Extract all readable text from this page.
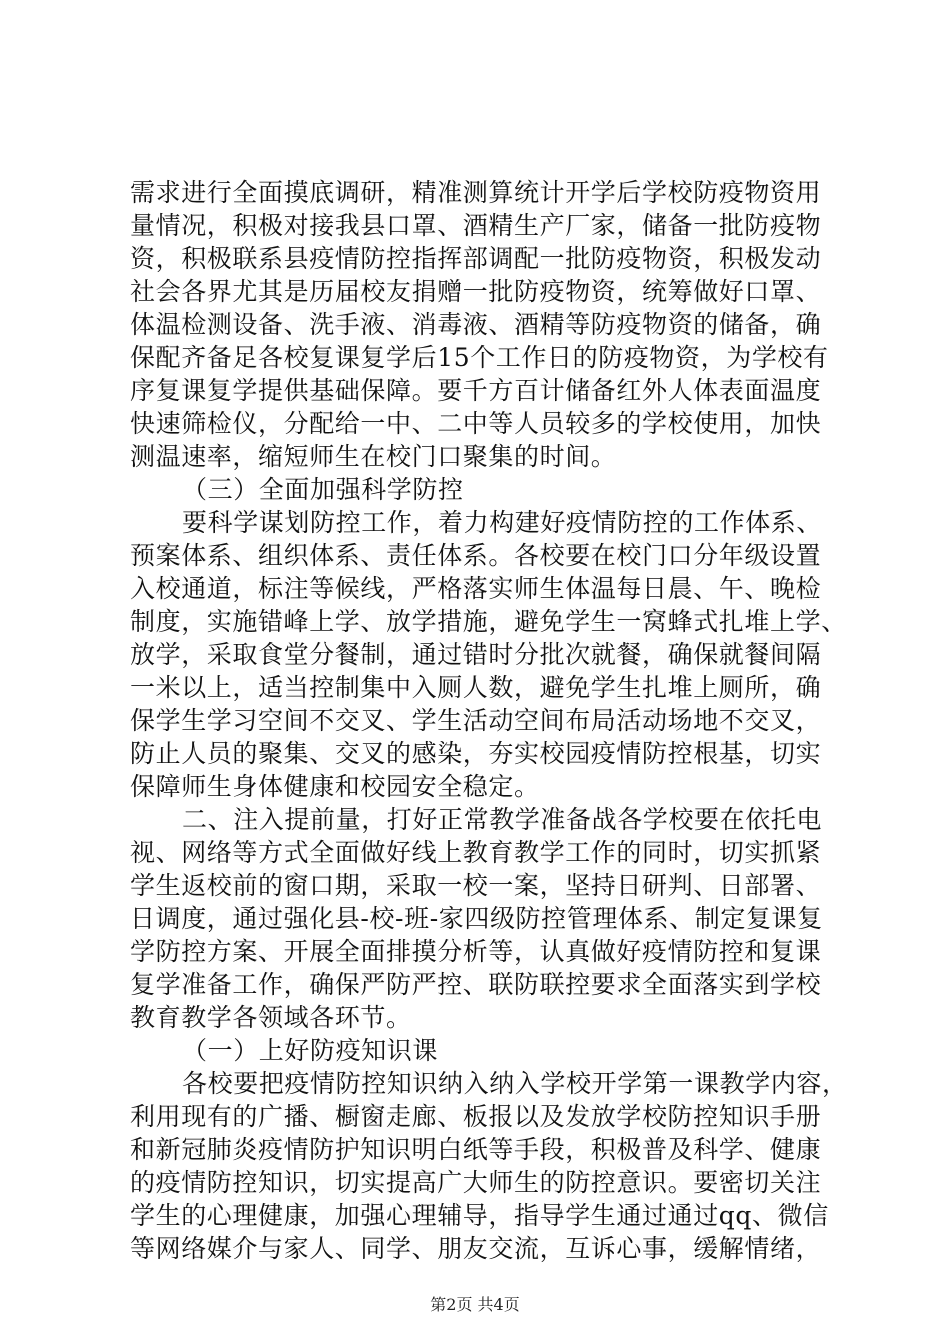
需求进行全面摸底调研，精准测算统计开学后学校防疫物资用
量情况，积极对接我县口罩、酒精生产厂家，储备一批防疫物
资，积极联系县疫情防控指挥部调配一批防疫物资，积极发动
社会各界尤其是历届校友捐赠一批防疫物资，统筹做好口罩、
体温检测设备、洗手液、消毒液、酒精等防疫物资的储备，确
保配齐备足各校复课复学后15个工作日的防疫物资，为学校有
序复课复学提供基础保障。要千方百计储备红外人体表面温度
快速筛检仪，分配给一中、二中等人员较多的学校使用，加快
测温速率，缩短师生在校门口聚集的时间。
（三）全面加强科学防控
要科学谋划防控工作，着力构建好疫情防控的工作体系、
预案体系、组织体系、责任体系。各校要在校门口分年级设置
入校通道，标注等候线，严格落实师生体温每日晨、午、晚检
制度，实施错峰上学、放学措施，避免学生一窝蜂式扎堆上学、
放学，采取食堂分餐制，通过错时分批次就餐，确保就餐间隔
一米以上，适当控制集中入厕人数，避免学生扎堆上厕所，确
保学生学习空间不交叉、学生活动空间布局活动场地不交叉，
防止人员的聚集、交叉的感染，夯实校园疫情防控根基，切实
保障师生身体健康和校园安全稳定。
二、注入提前量，打好正常教学准备战各学校要在依托电
视、网络等方式全面做好线上教育教学工作的同时，切实抓紧
学生返校前的窗口期，采取一校一案，坚持日研判、日部署、
日调度，通过强化县-校-班-家四级防控管理体系、制定复课复
学防控方案、开展全面排摸分析等，认真做好疫情防控和复课
复学准备工作，确保严防严控、联防联控要求全面落实到学校
教育教学各领域各环节。
（一）上好防疫知识课
各校要把疫情防控知识纳入纳入学校开学第一课教学内容，
利用现有的广播、橱窗走廊、板报以及发放学校防控知识手册
和新冠肺炎疫情防护知识明白纸等手段，积极普及科学、健康
的疫情防控知识，切实提高广大师生的防控意识。要密切关注
学生的心理健康，加强心理辅导，指导学生通过通过qq、微信
等网络媒介与家人、同学、朋友交流，互诉心事，缓解情绪，
第2页 共4页
